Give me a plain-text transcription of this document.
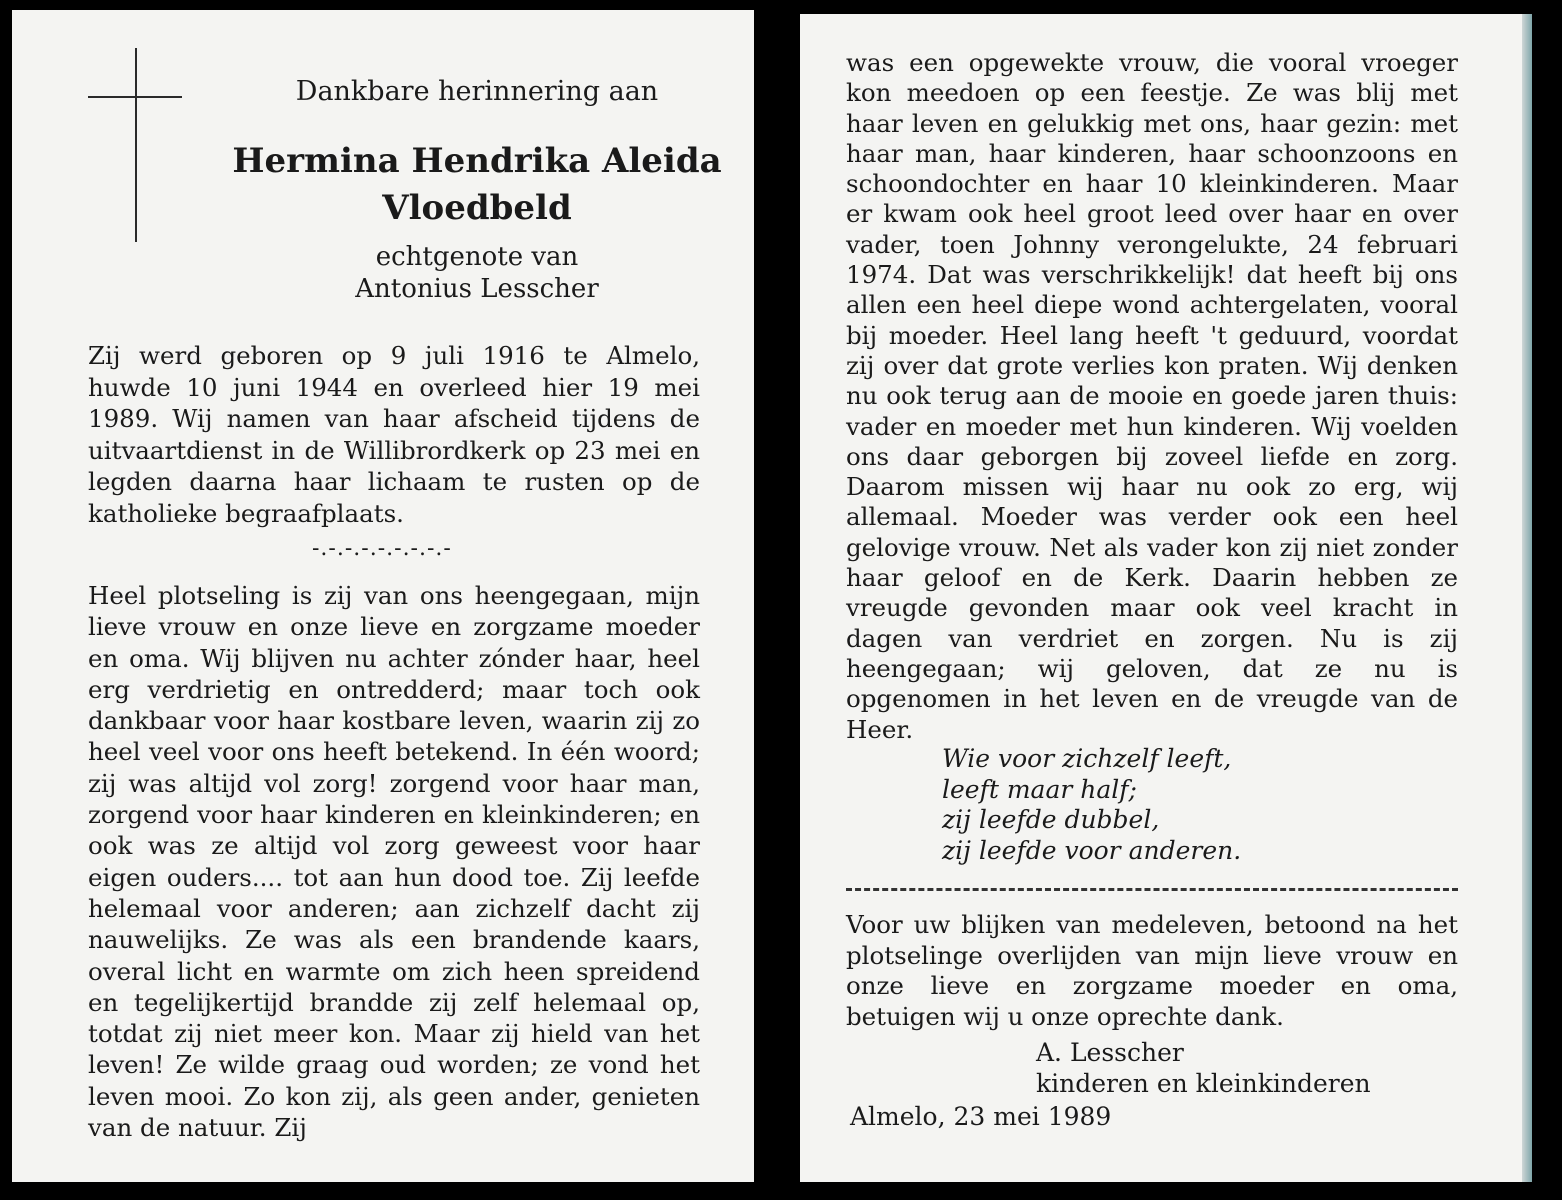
Dankbare herinnering aan
Hermina Hendrika Aleida
Vloedbeld
echtgenote van
Antonius Lesscher
Zij werd geboren op 9 juli 1916 te Almelo, huwde 10 juni 1944 en overleed hier 19 mei 1989. Wij namen van haar afscheid tijdens de uitvaartdienst in de Willibrordkerk op 23 mei en legden daarna haar lichaam te rusten op de katholieke begraafplaats.
-.-.-.-.-.-.-.-.-
Heel plotseling is zij van ons heengegaan, mijn lieve vrouw en onze lieve en zorgzame moeder en oma. Wij blijven nu achter zónder haar, heel erg verdrietig en ontredderd; maar toch ook dankbaar voor haar kostbare leven, waarin zij zo heel veel voor ons heeft betekend. In één woord; zij was altijd vol zorg! zorgend voor haar man, zorgend voor haar kinderen en kleinkinderen; en ook was ze altijd vol zorg geweest voor haar eigen ouders.... tot aan hun dood toe. Zij leefde helemaal voor anderen; aan zichzelf dacht zij nauwelijks. Ze was als een brandende kaars, overal licht en warmte om zich heen spreidend en tegelijkertijd brandde zij zelf helemaal op, totdat zij niet meer kon. Maar zij hield van het leven! Ze wilde graag oud worden; ze vond het leven mooi. Zo kon zij, als geen ander, genieten van de natuur. Zij
was een opgewekte vrouw, die vooral vroeger kon meedoen op een feestje. Ze was blij met haar leven en gelukkig met ons, haar gezin: met haar man, haar kinderen, haar schoonzoons en schoondochter en haar 10 kleinkinderen. Maar er kwam ook heel groot leed over haar en over vader, toen Johnny verongelukte, 24 februari 1974. Dat was verschrikkelijk! dat heeft bij ons allen een heel diepe wond achtergelaten, vooral bij moeder. Heel lang heeft 't geduurd, voordat zij over dat grote verlies kon praten. Wij denken nu ook terug aan de mooie en goede jaren thuis: vader en moeder met hun kinderen. Wij voelden ons daar geborgen bij zoveel liefde en zorg. Daarom missen wij haar nu ook zo erg, wij allemaal. Moeder was verder ook een heel gelovige vrouw. Net als vader kon zij niet zonder haar geloof en de Kerk. Daarin hebben ze vreugde gevonden maar ook veel kracht in dagen van verdriet en zorgen. Nu is zij heengegaan; wij geloven, dat ze nu is opgenomen in het leven en de vreugde van de Heer.
Wie voor zichzelf leeft,
leeft maar half;
zij leefde dubbel,
zij leefde voor anderen.
Voor uw blijken van medeleven, betoond na het plotselinge overlijden van mijn lieve vrouw en onze lieve en zorgzame moeder en oma, betuigen wij u onze oprechte dank.
A. Lesscher
kinderen en kleinkinderen
Almelo, 23 mei 1989
